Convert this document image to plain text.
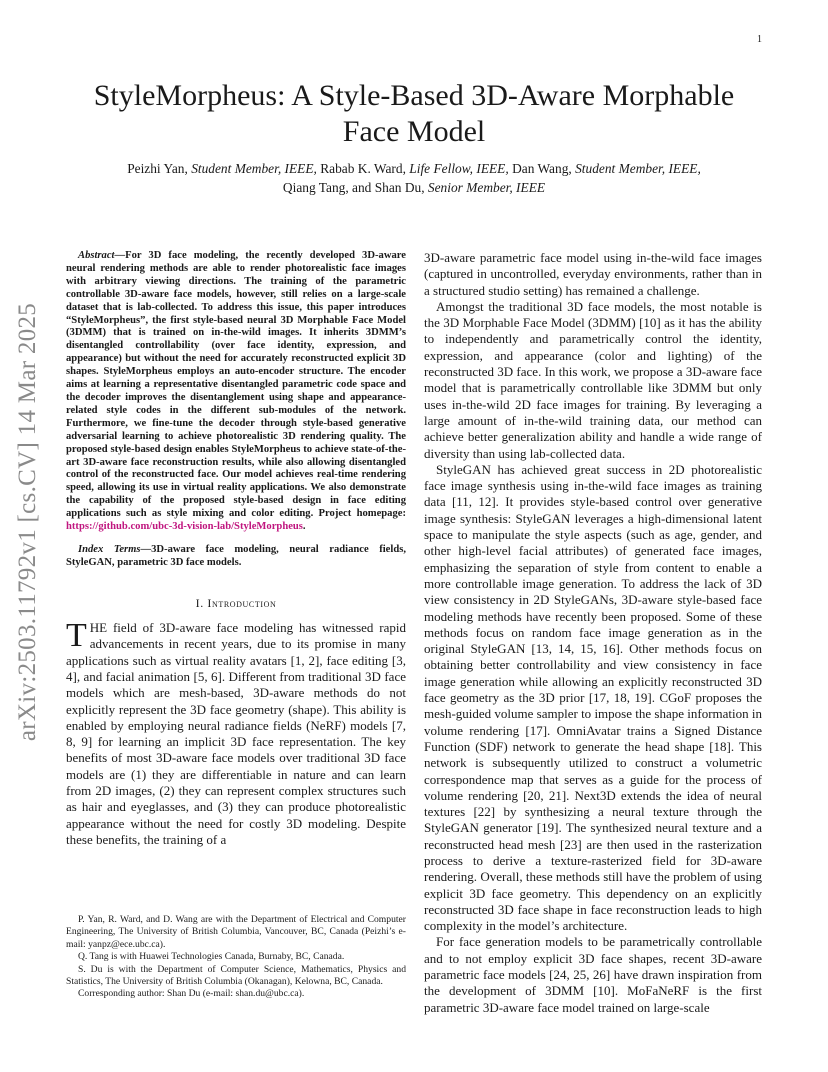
1
arXiv:2503.11792v1 [cs.CV] 14 Mar 2025
StyleMorpheus: A Style-Based 3D-Aware Morphable Face Model
Peizhi Yan, Student Member, IEEE, Rabab K. Ward, Life Fellow, IEEE, Dan Wang, Student Member, IEEE,
Qiang Tang, and Shan Du, Senior Member, IEEE
Abstract—For 3D face modeling, the recently developed 3D-aware neural rendering methods are able to render photorealistic face images with arbitrary viewing directions. The training of the parametric controllable 3D-aware face models, however, still relies on a large-scale dataset that is lab-collected. To address this issue, this paper introduces “StyleMorpheus”, the first style-based neural 3D Morphable Face Model (3DMM) that is trained on in-the-wild images. It inherits 3DMM’s disentangled controllability (over face identity, expression, and appearance) but without the need for accurately reconstructed explicit 3D shapes. StyleMorpheus employs an auto-encoder structure. The encoder aims at learning a representative disentangled parametric code space and the decoder improves the disentanglement using shape and appearance-related style codes in the different sub-modules of the network. Furthermore, we fine-tune the decoder through style-based generative adversarial learning to achieve photorealistic 3D rendering quality. The proposed style-based design enables StyleMorpheus to achieve state-of-the-art 3D-aware face reconstruction results, while also allowing disentangled control of the reconstructed face. Our model achieves real-time rendering speed, allowing its use in virtual reality applications. We also demonstrate the capability of the proposed style-based design in face editing applications such as style mixing and color editing. Project homepage: https://github.com/ubc-3d-vision-lab/StyleMorpheus.
Index Terms—3D-aware face modeling, neural radiance fields, StyleGAN, parametric 3D face models.
I. Introduction

THE field of 3D-aware face modeling has witnessed rapid advancements in recent years, due to its promise in many applications such as virtual reality avatars [1, 2], face editing [3, 4], and facial animation [5, 6]. Different from traditional 3D face models which are mesh-based, 3D-aware methods do not explicitly represent the 3D face geometry (shape). This ability is enabled by employing neural radiance fields (NeRF) models [7, 8, 9] for learning an implicit 3D face representation. The key benefits of most 3D-aware face models over traditional 3D face models are (1) they are differentiable in nature and can learn from 2D images, (2) they can represent complex structures such as hair and eyeglasses, and (3) they can produce photorealistic appearance without the need for costly 3D modeling. Despite these benefits, the training of a

P. Yan, R. Ward, and D. Wang are with the Department of Electrical and Computer Engineering, The University of British Columbia, Vancouver, BC, Canada (Peizhi’s e-mail: yanpz@ece.ubc.ca).

Q. Tang is with Huawei Technologies Canada, Burnaby, BC, Canada.

S. Du is with the Department of Computer Science, Mathematics, Physics and Statistics, The University of British Columbia (Okanagan), Kelowna, BC, Canada.

Corresponding author: Shan Du (e-mail: shan.du@ubc.ca).

3D-aware parametric face model using in-the-wild face images (captured in uncontrolled, everyday environments, rather than in a structured studio setting) has remained a challenge.

Amongst the traditional 3D face models, the most notable is the 3D Morphable Face Model (3DMM) [10] as it has the ability to independently and parametrically control the identity, expression, and appearance (color and lighting) of the reconstructed 3D face. In this work, we propose a 3D-aware face model that is parametrically controllable like 3DMM but only uses in-the-wild 2D face images for training. By leveraging a large amount of in-the-wild training data, our method can achieve better generalization ability and handle a wide range of diversity than using lab-collected data.

StyleGAN has achieved great success in 2D photorealistic face image synthesis using in-the-wild face images as training data [11, 12]. It provides style-based control over generative image synthesis: StyleGAN leverages a high-dimensional latent space to manipulate the style aspects (such as age, gender, and other high-level facial attributes) of generated face images, emphasizing the separation of style from content to enable a more controllable image generation. To address the lack of 3D view consistency in 2D StyleGANs, 3D-aware style-based face modeling methods have recently been proposed. Some of these methods focus on random face image generation as in the original StyleGAN [13, 14, 15, 16]. Other methods focus on obtaining better controllability and view consistency in face image generation while allowing an explicitly reconstructed 3D face geometry as the 3D prior [17, 18, 19]. CGoF proposes the mesh-guided volume sampler to impose the shape information in volume rendering [17]. OmniAvatar trains a Signed Distance Function (SDF) network to generate the head shape [18]. This network is subsequently utilized to construct a volumetric correspondence map that serves as a guide for the process of volume rendering [20, 21]. Next3D extends the idea of neural textures [22] by synthesizing a neural texture through the StyleGAN generator [19]. The synthesized neural texture and a reconstructed head mesh [23] are then used in the rasterization process to derive a texture-rasterized field for 3D-aware rendering. Overall, these methods still have the problem of using explicit 3D face geometry. This dependency on an explicitly reconstructed 3D face shape in face reconstruction leads to high complexity in the model’s architecture.

For face generation models to be parametrically controllable and to not employ explicit 3D face shapes, recent 3D-aware parametric face models [24, 25, 26] have drawn inspiration from the development of 3DMM [10]. MoFaNeRF is the first parametric 3D-aware face model trained on large-scale
